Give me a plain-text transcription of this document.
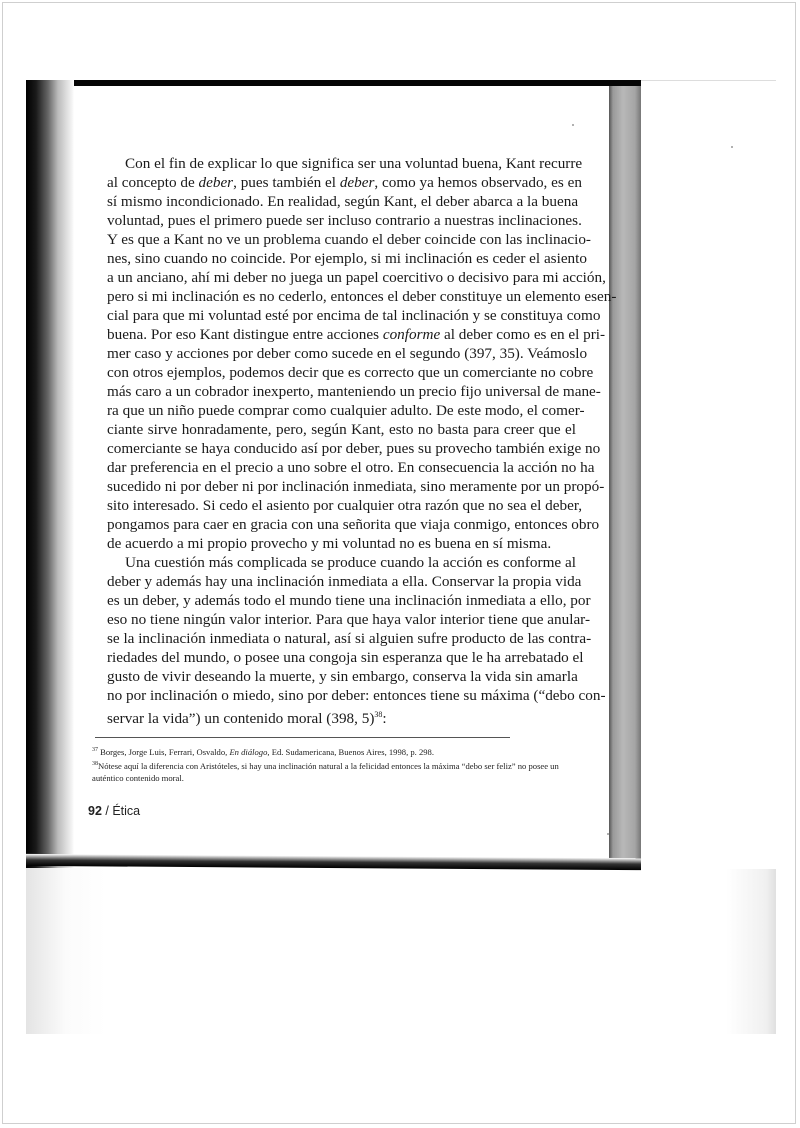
Con el fin de explicar lo que significa ser una voluntad buena, Kant recurre
al concepto de deber, pues también el deber, como ya hemos observado, es en
sí mismo incondicionado. En realidad, según Kant, el deber abarca a la buena
voluntad, pues el primero puede ser incluso contrario a nuestras inclinaciones.
Y es que a Kant no ve un problema cuando el deber coincide con las inclinacio-
nes, sino cuando no coincide. Por ejemplo, si mi inclinación es ceder el asiento
a un anciano, ahí mi deber no juega un papel coercitivo o decisivo para mi acción,
pero si mi inclinación es no cederlo, entonces el deber constituye un elemento esen-
cial para que mi voluntad esté por encima de tal inclinación y se constituya como
buena. Por eso Kant distingue entre acciones conforme al deber como es en el pri-
mer caso y acciones por deber como sucede en el segundo (397, 35). Veámoslo
con otros ejemplos, podemos decir que es correcto que un comerciante no cobre
más caro a un cobrador inexperto, manteniendo un precio fijo universal de mane-
ra que un niño puede comprar como cualquier adulto. De este modo, el comer-
ciante sirve honradamente, pero, según Kant, esto no basta para creer que el
comerciante se haya conducido así por deber, pues su provecho también exige no
dar preferencia en el precio a uno sobre el otro. En consecuencia la acción no ha
sucedido ni por deber ni por inclinación inmediata, sino meramente por un propó-
sito interesado. Si cedo el asiento por cualquier otra razón que no sea el deber,
pongamos para caer en gracia con una señorita que viaja conmigo, entonces obro
de acuerdo a mi propio provecho y mi voluntad no es buena en sí misma.
Una cuestión más complicada se produce cuando la acción es conforme al
deber y además hay una inclinación inmediata a ella. Conservar la propia vida
es un deber, y además todo el mundo tiene una inclinación inmediata a ello, por
eso no tiene ningún valor interior. Para que haya valor interior tiene que anular-
se la inclinación inmediata o natural, así si alguien sufre producto de las contra-
riedades del mundo, o posee una congoja sin esperanza que le ha arrebatado el
gusto de vivir deseando la muerte, y sin embargo, conserva la vida sin amarla
no por inclinación o miedo, sino por deber: entonces tiene su máxima (“debo con-
servar la vida”) un contenido moral (398, 5)$^{38}$:
$^{37}$ Borges, Jorge Luis, Ferrari, Osvaldo, En diálogo, Ed. Sudamericana, Buenos Aires, 1998, p. 298.
$^{38}$Nótese aquí la diferencia con Aristóteles, si hay una inclinación natural a la felicidad entonces la máxima “debo ser feliz” no posee un auténtico contenido moral.
92 / Ética
